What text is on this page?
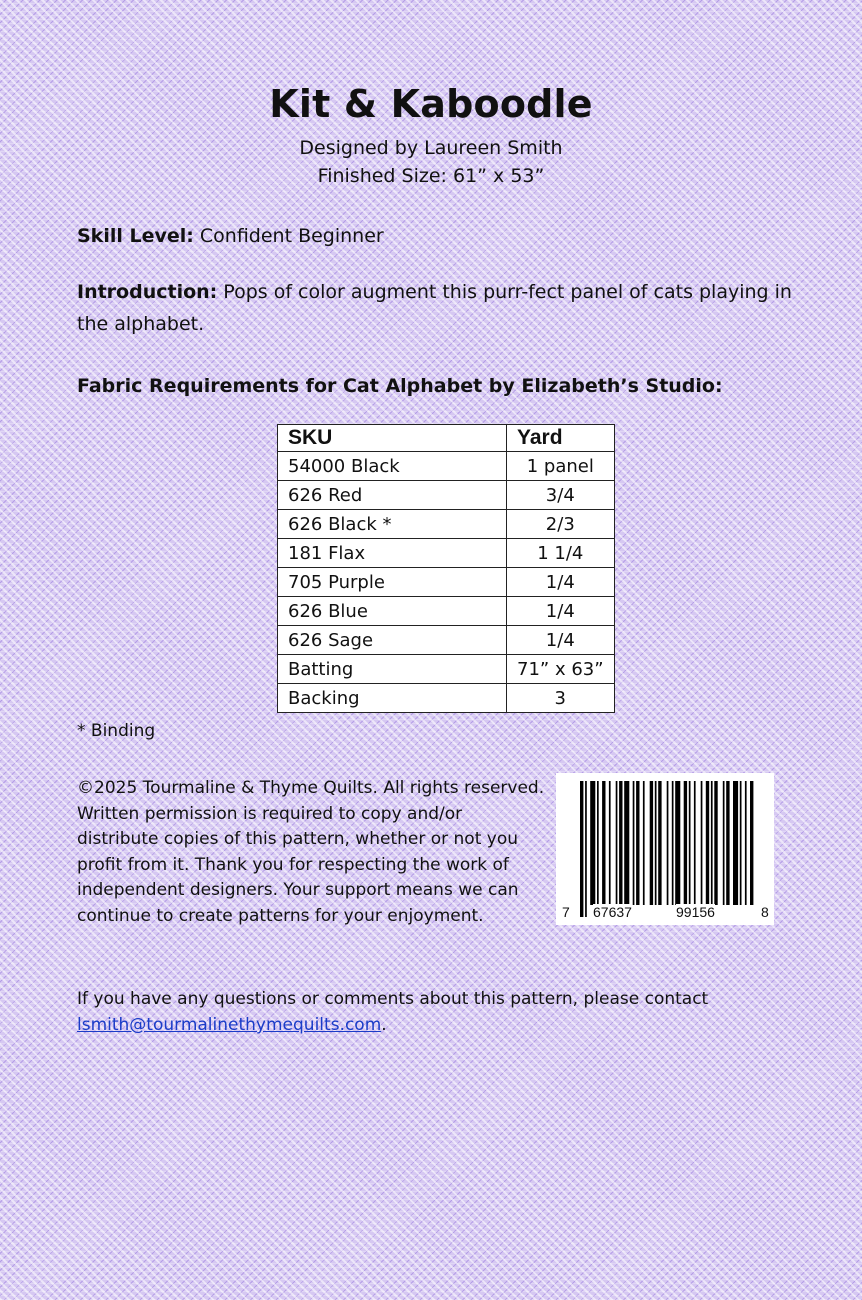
Kit & Kaboodle
Designed by Laureen Smith
Finished Size: 61” x 53”
Skill Level: Confident Beginner
Introduction: Pops of color augment this purr-fect panel of cats playing in the alphabet.
Fabric Requirements for Cat Alphabet by Elizabeth’s Studio:
SKU	Yard
54000 Black	1 panel
626 Red	3/4
626 Black *	2/3
181 Flax	1 1/4
705 Purple	1/4
626 Blue	1/4
626 Sage	1/4
Batting	71” x 63”
Backing	3
* Binding
©2025 Tourmaline & Thyme Quilts. All rights reserved. Written permission is required to copy and/or distribute copies of this pattern, whether or not you profit from it. Thank you for respecting the work of independent designers. Your support means we can continue to create patterns for your enjoyment.	7 67637	99156	8
If you have any questions or comments about this pattern, please contact lsmith@tourmalinethymequilts.com.
